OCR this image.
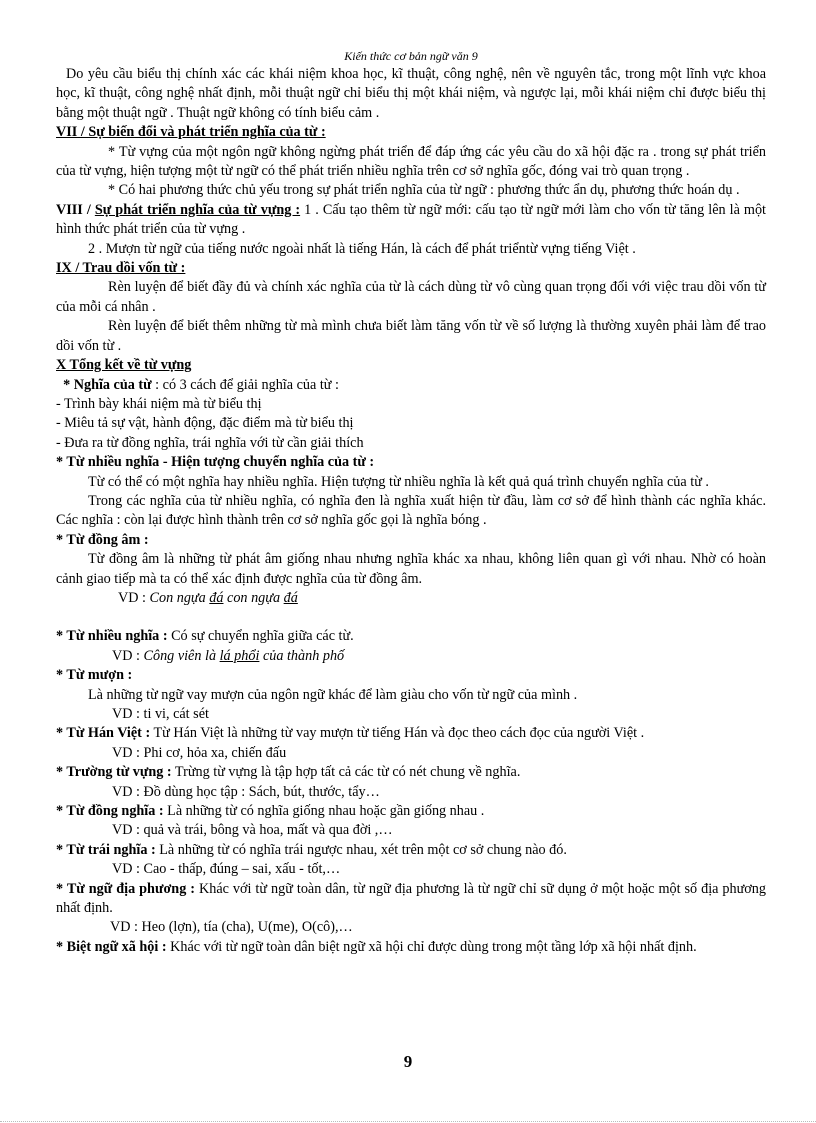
Kiến thức cơ bản ngữ văn 9

Do yêu cầu biểu thị chính xác các khái niệm khoa học, kĩ thuật, công nghệ, nên về nguyên tắc, trong một lĩnh vực khoa học, kĩ thuật, công nghệ nhất định, mỗi thuật ngữ chỉ biểu thị một khái niệm, và ngược lại, mỗi khái niệm chỉ được biểu thị bằng một thuật ngữ . Thuật ngữ không có tính biểu cảm .

VII / Sự biến đổi và phát triển nghĩa của từ :

* Từ vựng của một ngôn ngữ không ngừng phát triển để đáp ứng các yêu cầu do xã hội đặc ra . trong sự phát triển của từ vựng, hiện tượng một từ ngữ có thể phát triển nhiều nghĩa trên cơ sở nghĩa gốc, đóng vai trò quan trọng .

* Có hai phương thức chủ yếu trong sự phát triển nghĩa của từ ngữ : phương thức ẩn dụ, phương thức hoán dụ .

VIII / Sự phát triển nghĩa của từ vựng : 1 . Cấu tạo thêm từ ngữ mới: cấu tạo từ ngữ mới làm cho vốn từ tăng lên là một hình thức phát triển của từ vựng .

2 . Mượn từ ngữ của tiếng nước ngoài nhất là tiếng Hán, là cách để phát triểntừ vựng tiếng Việt .

IX / Trau dồi vốn từ :

Rèn luyện để biết đầy đủ và chính xác nghĩa của từ là cách dùng từ vô cùng quan trọng đối với việc trau dồi vốn từ của mỗi cá nhân .

Rèn luyện để biết thêm những từ mà mình chưa biết làm tăng vốn từ về số lượng là thường xuyên phải làm để trao dồi vốn từ .

X Tổng kết về từ vựng

* Nghĩa của từ : có 3 cách để giải nghĩa của từ :

- Trình bày khái niệm mà từ biểu thị

- Miêu tả sự vật, hành động, đặc điểm mà từ biểu thị

- Đưa ra từ đồng nghĩa, trái nghĩa với từ cần giải thích

* Từ nhiều nghĩa - Hiện tượng chuyển nghĩa của từ :

Từ có thể có một nghĩa hay nhiều nghĩa. Hiện tượng từ nhiều nghĩa là kết quả quá trình chuyển nghĩa của từ .

Trong các nghĩa của từ nhiều nghĩa, có nghĩa đen là nghĩa xuất hiện từ đầu, làm cơ sở để hình thành các nghĩa khác. Các nghĩa : còn lại được hình thành trên cơ sở nghĩa gốc gọi là nghĩa bóng .

* Từ đồng âm :

Từ đồng âm là những từ phát âm giống nhau nhưng nghĩa khác xa nhau, không liên quan gì với nhau. Nhờ có hoàn cảnh giao tiếp mà ta có thể xác định được nghĩa của từ đồng âm.

VD : Con ngựa đá con ngựa đá

* Từ nhiều nghĩa : Có sự chuyển nghĩa giữa các từ.

VD : Công viên là lá phổi của thành phố

* Từ mượn :

Là những từ ngữ vay mượn của ngôn ngữ khác để làm giàu cho vốn từ ngữ của mình .

VD : ti vi, cát sét

* Từ Hán Việt : Từ Hán Việt là những từ vay mượn từ tiếng Hán và đọc theo cách đọc của người Việt .

VD : Phi cơ, hỏa xa, chiến đấu

* Trường từ vựng : Trừng từ vựng là tập hợp tất cả các từ có nét chung về nghĩa.

VD : Đồ dùng học tập : Sách, bút, thước, tẩy…

* Từ đồng nghĩa : Là những từ có nghĩa giống nhau hoặc gần giống nhau .

VD : quả và trái, bông và hoa, mất và qua đời ,…

* Từ trái nghĩa : Là những từ có nghĩa trái ngược nhau, xét trên một cơ sở chung nào đó.

VD : Cao - thấp, đúng – sai, xấu - tốt,…

* Từ ngữ địa phương : Khác với từ ngữ toàn dân, từ ngữ địa phương là từ ngữ chỉ sữ dụng ở một hoặc một số địa phương nhất định.

VD : Heo (lợn), tía (cha), U(me), O(cô),…

* Biệt ngữ xã hội : Khác với từ ngữ toàn dân biệt ngữ xã hội chỉ được dùng trong một tầng lớp xã hội nhất định.

9
